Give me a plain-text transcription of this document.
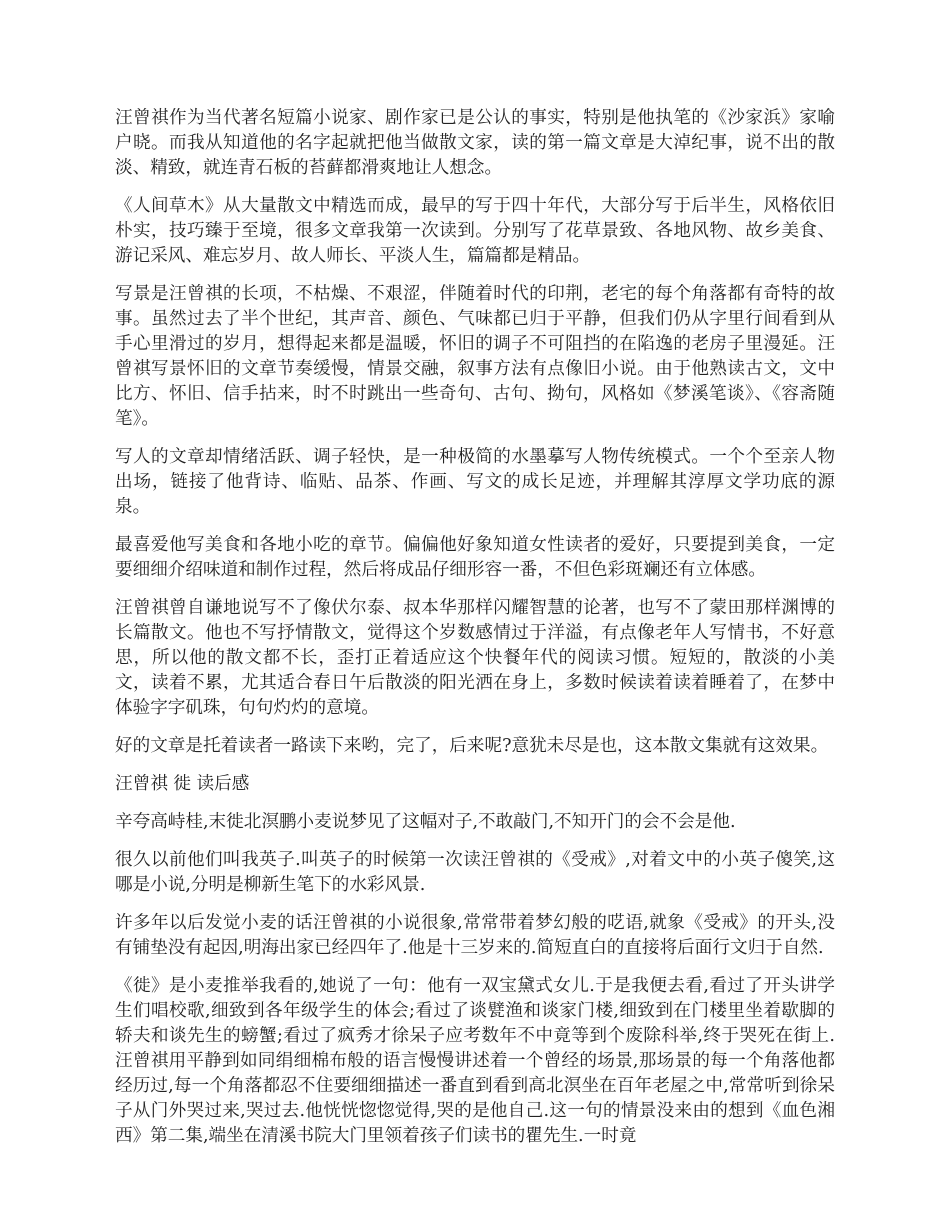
汪曾祺作为当代著名短篇小说家、剧作家已是公认的事实，特别是他执笔的《沙家浜》家喻户晓。而我从知道他的名字起就把他当做散文家，读的第一篇文章是大淖纪事，说不出的散淡、精致，就连青石板的苔藓都滑爽地让人想念。

《人间草木》从大量散文中精选而成，最早的写于四十年代，大部分写于后半生，风格依旧朴实，技巧臻于至境，很多文章我第一次读到。分别写了花草景致、各地风物、故乡美食、游记采风、难忘岁月、故人师长、平淡人生，篇篇都是精品。

写景是汪曾祺的长项，不枯燥、不艰涩，伴随着时代的印荆，老宅的每个角落都有奇特的故事。虽然过去了半个世纪，其声音、颜色、气味都已归于平静，但我们仍从字里行间看到从手心里滑过的岁月，想得起来都是温暖，怀旧的调子不可阻挡的在陷逸的老房子里漫延。汪曾祺写景怀旧的文章节奏缓慢，情景交融，叙事方法有点像旧小说。由于他熟读古文，文中比方、怀旧、信手拈来，时不时跳出一些奇句、古句、拗句，风格如《梦溪笔谈》、《容斋随笔》。

写人的文章却情绪活跃、调子轻快，是一种极简的水墨摹写人物传统模式。一个个至亲人物出场，链接了他背诗、临贴、品茶、作画、写文的成长足迹，并理解其淳厚文学功底的源泉。

最喜爱他写美食和各地小吃的章节。偏偏他好象知道女性读者的爱好，只要提到美食，一定要细细介绍味道和制作过程，然后将成品仔细形容一番，不但色彩斑斓还有立体感。

汪曾祺曾自谦地说写不了像伏尔泰、叔本华那样闪耀智慧的论著，也写不了蒙田那样渊博的长篇散文。他也不写抒情散文，觉得这个岁数感情过于洋溢，有点像老年人写情书，不好意思，所以他的散文都不长，歪打正着适应这个快餐年代的阅读习惯。短短的，散淡的小美文，读着不累，尤其适合春日午后散淡的阳光洒在身上，多数时候读着读着睡着了，在梦中体验字字矶珠，句句灼灼的意境。

好的文章是托着读者一路读下来哟，完了，后来呢?意犹未尽是也，这本散文集就有这效果。

汪曾祺 徙 读后感

辛夸高峙桂,末徙北溟鹏小麦说梦见了这幅对子,不敢敲门,不知开门的会不会是他.

很久以前他们叫我英子.叫英子的时候第一次读汪曾祺的《受戒》,对着文中的小英子傻笑,这哪是小说,分明是柳新生笔下的水彩风景.

许多年以后发觉小麦的话汪曾祺的小说很象,常常带着梦幻般的呓语,就象《受戒》的开头,没有铺垫没有起因,明海出家已经四年了.他是十三岁来的.简短直白的直接将后面行文归于自然.

《徙》是小麦推举我看的,她说了一句：他有一双宝黛式女儿.于是我便去看,看过了开头讲学生们唱校歌,细致到各年级学生的体会;看过了谈甓渔和谈家门楼,细致到在门楼里坐着歇脚的轿夫和谈先生的螃蟹;看过了疯秀才徐呆子应考数年不中竟等到个废除科举,终于哭死在街上.汪曾祺用平静到如同绢细棉布般的语言慢慢讲述着一个曾经的场景,那场景的每一个角落他都经历过,每一个角落都忍不住要细细描述一番直到看到高北溟坐在百年老屋之中,常常听到徐呆子从门外哭过来,哭过去.他恍恍惚惚觉得,哭的是他自己.这一句的情景没来由的想到《血色湘西》第二集,端坐在清溪书院大门里领着孩子们读书的瞿先生.一时竟
